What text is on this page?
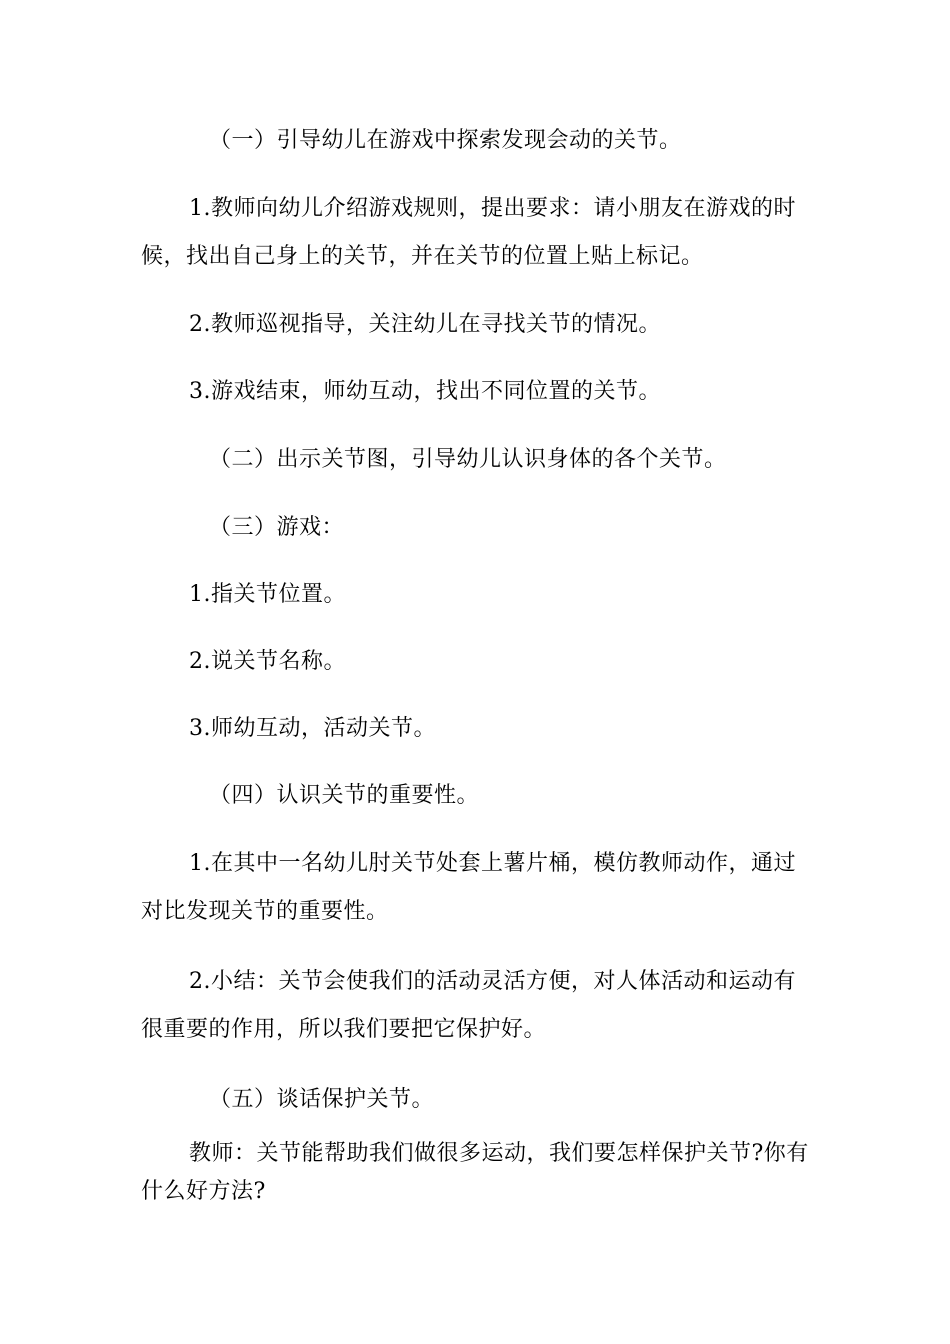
（一）引导幼儿在游戏中探索发现会动的关节。

1.教师向幼儿介绍游戏规则，提出要求：请小朋友在游戏的时候，找出自己身上的关节，并在关节的位置上贴上标记。

2.教师巡视指导，关注幼儿在寻找关节的情况。

3.游戏结束，师幼互动，找出不同位置的关节。

（二）出示关节图，引导幼儿认识身体的各个关节。

（三）游戏：

1.指关节位置。

2.说关节名称。

3.师幼互动，活动关节。

（四）认识关节的重要性。

1.在其中一名幼儿肘关节处套上薯片桶，模仿教师动作，通过对比发现关节的重要性。

2.小结：关节会使我们的活动灵活方便，对人体活动和运动有很重要的作用，所以我们要把它保护好。

（五）谈话保护关节。

教师：关节能帮助我们做很多运动，我们要怎样保护关节?你有什么好方法?
